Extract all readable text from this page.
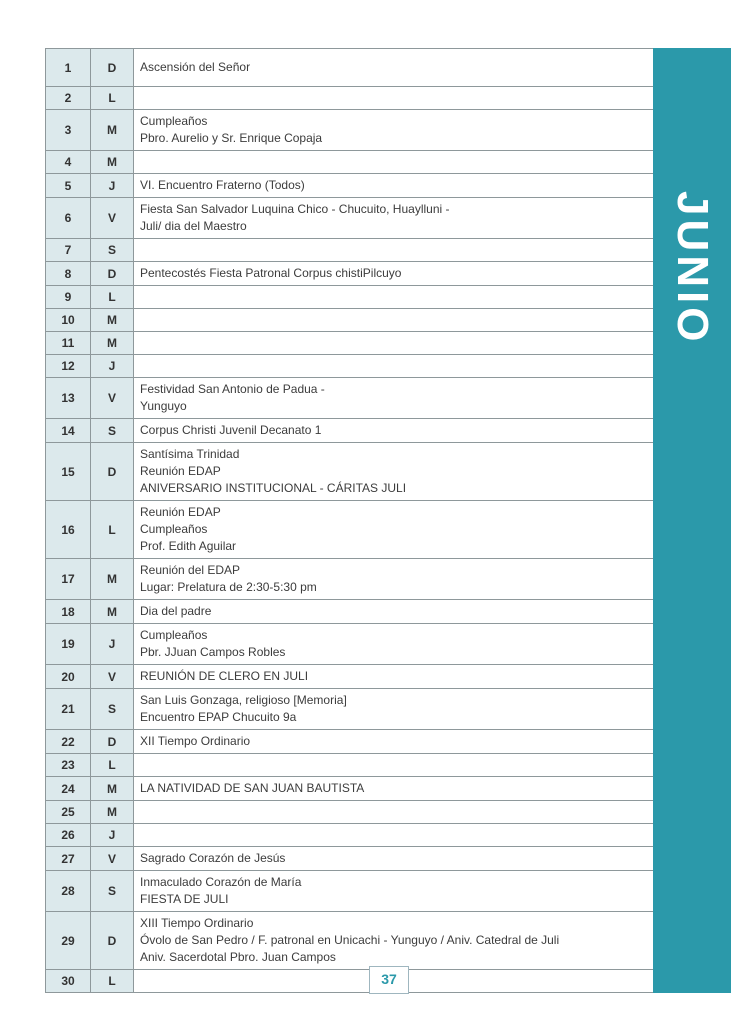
1	D	Ascensión del Señor
2	L
3	M
Cumpleaños
Pbro. Aurelio y Sr. Enrique Copaja
4	M
5	J	VI. Encuentro Fraterno (Todos)
6	V
Fiesta San Salvador Luquina Chico - Chucuito, Huaylluni -
Juli/ dia del Maestro
7	S
8	D	Pentecostés Fiesta Patronal Corpus chistiPilcuyo
9	L
10	M
11	M
12	J
13	V
Festividad San Antonio de Padua -
Yunguyo
14	S	Corpus Christi Juvenil Decanato 1
15	D
Santísima Trinidad
Reunión EDAP
ANIVERSARIO INSTITUCIONAL - CÁRITAS JULI
16	L
Reunión EDAP
Cumpleaños
Prof. Edith Aguilar
17	M
Reunión del EDAP
Lugar: Prelatura de 2:30-5:30 pm
18	M	Dia del padre
19	J
Cumpleaños
Pbr. JJuan Campos Robles
20	V	REUNIÓN DE CLERO EN JULI
21	S
San Luis Gonzaga, religioso [Memoria]
Encuentro EPAP Chucuito 9a
22	D	XII Tiempo Ordinario
23	L
24	M	LA NATIVIDAD DE SAN JUAN BAUTISTA
25	M
26	J
27	V	Sagrado Corazón de Jesús
28	S
Inmaculado Corazón de María
FIESTA DE JULI
29	D
XIII Tiempo Ordinario
Óvolo de San Pedro / F. patronal en Unicachi - Yunguyo / Aniv. Catedral de Juli
Aniv. Sacerdotal Pbro. Juan Campos
30	L
JUNIO
37
